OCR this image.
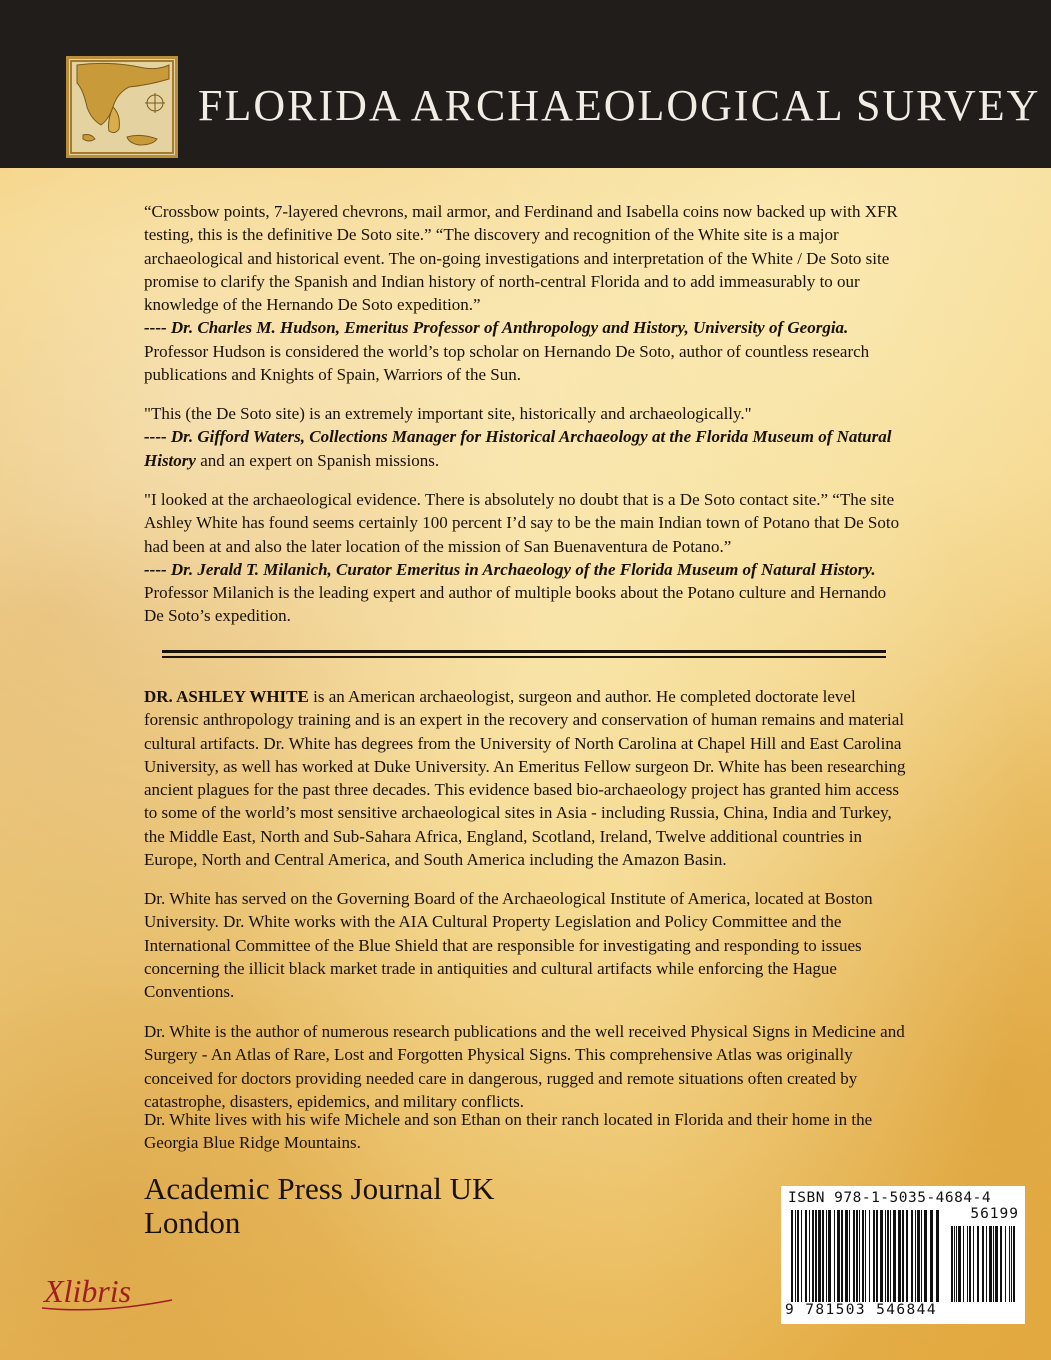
FLORIDA ARCHAEOLOGICAL SURVEY

“Crossbow points, 7-layered chevrons, mail armor, and Ferdinand and Isabella coins now backed up with XFR testing, this is the definitive De Soto site.” “The discovery and recognition of the White site is a major archaeological and historical event. The on-going investigations and interpretation of the White / De Soto site promise to clarify the Spanish and Indian history of north-central Florida and to add immeasurably to our knowledge of the Hernando De Soto expedition.”
---- Dr. Charles M. Hudson, Emeritus Professor of Anthropology and History, University of Georgia. Professor Hudson is considered the world’s top scholar on Hernando De Soto, author of countless research publications and Knights of Spain, Warriors of the Sun.

"This (the De Soto site) is an extremely important site, historically and archaeologically."
---- Dr. Gifford Waters, Collections Manager for Historical Archaeology at the Florida Museum of Natural History and an expert on Spanish missions.

"I looked at the archaeological evidence. There is absolutely no doubt that is a De Soto contact site.” “The site Ashley White has found seems certainly 100 percent I’d say to be the main Indian town of Potano that De Soto had been at and also the later location of the mission of San Buenaventura de Potano.”
---- Dr. Jerald T. Milanich, Curator Emeritus in Archaeology of the Florida Museum of Natural History. Professor Milanich is the leading expert and author of multiple books about the Potano culture and Hernando De Soto’s expedition.

DR. ASHLEY WHITE is an American archaeologist, surgeon and author. He completed doctorate level forensic anthropology training and is an expert in the recovery and conservation of human remains and material cultural artifacts. Dr. White has degrees from the University of North Carolina at Chapel Hill and East Carolina University, as well has worked at Duke University. An Emeritus Fellow surgeon Dr. White has been researching ancient plagues for the past three decades. This evidence based bio-archaeology project has granted him access to some of the world’s most sensitive archaeological sites in Asia - including Russia, China, India and Turkey, the Middle East, North and Sub-Sahara Africa, England, Scotland, Ireland, Twelve additional countries in Europe, North and Central America, and South America including the Amazon Basin.

Dr. White has served on the Governing Board of the Archaeological Institute of America, located at Boston University. Dr. White works with the AIA Cultural Property Legislation and Policy Committee and the International Committee of the Blue Shield that are responsible for investigating and responding to issues concerning the illicit black market trade in antiquities and cultural artifacts while enforcing the Hague Conventions.

Dr. White is the author of numerous research publications and the well received Physical Signs in Medicine and Surgery - An Atlas of Rare, Lost and Forgotten Physical Signs. This comprehensive Atlas was originally conceived for doctors providing needed care in dangerous, rugged and remote situations often created by catastrophe, disasters, epidemics, and military conflicts.

Dr. White lives with his wife Michele and son Ethan on their ranch located in Florida and their home in the Georgia Blue Ridge Mountains.

Academic Press Journal UK
London
Xlibris
ISBN 978-1-5035-4684-4
56199
9 781503 546844
